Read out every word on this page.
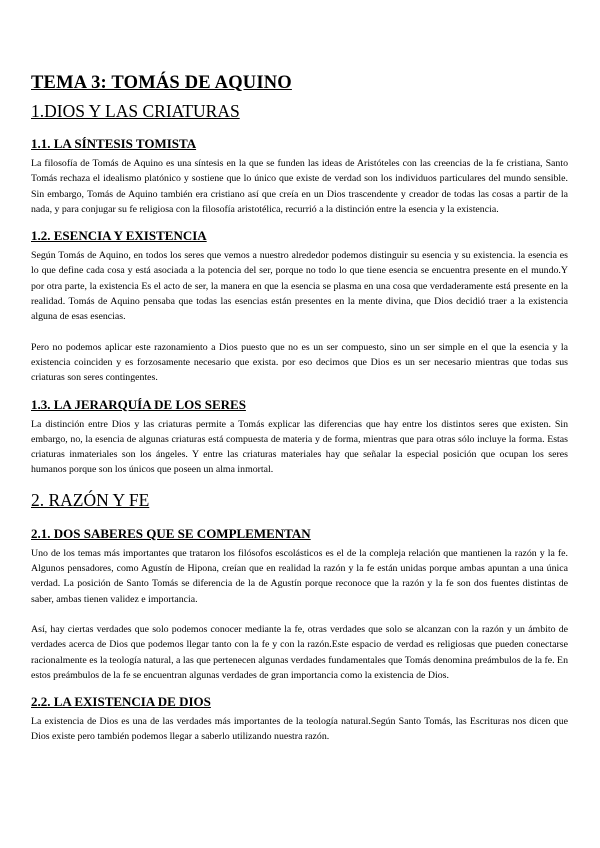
TEMA 3: TOMÁS DE AQUINO
1.DIOS Y LAS CRIATURAS
1.1. LA SÍNTESIS TOMISTA

La filosofía de Tomás de Aquino es una síntesis en la que se funden las ideas de Aristóteles con las creencias de la fe cristiana, Santo Tomás rechaza el idealismo platónico y sostiene que lo único que existe de verdad son los individuos particulares del mundo sensible. Sin embargo, Tomás de Aquino también era cristiano así que creía en un Dios trascendente y creador de todas las cosas a partir de la nada, y para conjugar su fe religiosa con la filosofía aristotélica, recurrió a la distinción entre la esencia y la existencia.

1.2. ESENCIA Y EXISTENCIA

Según Tomás de Aquino, en todos los seres que vemos a nuestro alrededor podemos distinguir su esencia y su existencia. la esencia es lo que define cada cosa y está asociada a la potencia del ser, porque no todo lo que tiene esencia se encuentra presente en el mundo.Y por otra parte, la existencia Es el acto de ser, la manera en que la esencia se plasma en una cosa que verdaderamente está presente en la realidad. Tomás de Aquino pensaba que todas las esencias están presentes en la mente divina, que Dios decidió traer a la existencia alguna de esas esencias.

Pero no podemos aplicar este razonamiento a Dios puesto que no es un ser compuesto, sino un ser simple en el que la esencia y la existencia coinciden y es forzosamente necesario que exista. por eso decimos que Dios es un ser necesario mientras que todas sus criaturas son seres contingentes.

1.3. LA JERARQUÍA DE LOS SERES

La distinción entre Dios y las criaturas permite a Tomás explicar las diferencias que hay entre los distintos seres que existen. Sin embargo, no, la esencia de algunas criaturas está compuesta de materia y de forma, mientras que para otras sólo incluye la forma. Estas criaturas inmateriales son los ángeles. Y entre las criaturas materiales hay que señalar la especial posición que ocupan los seres humanos porque son los únicos que poseen un alma inmortal.

2. RAZÓN Y FE
2.1. DOS SABERES QUE SE COMPLEMENTAN

Uno de los temas más importantes que trataron los filósofos escolásticos es el de la compleja relación que mantienen la razón y la fe. Algunos pensadores, como Agustín de Hipona, creían que en realidad la razón y la fe están unidas porque ambas apuntan a una única verdad. La posición de Santo Tomás se diferencia de la de Agustín porque reconoce que la razón y la fe son dos fuentes distintas de saber, ambas tienen validez e importancia.

Así, hay ciertas verdades que solo podemos conocer mediante la fe, otras verdades que solo se alcanzan con la razón y un ámbito de verdades acerca de Dios que podemos llegar tanto con la fe y con la razón.Este espacio de verdad es religiosas que pueden conectarse racionalmente es la teología natural, a las que pertenecen algunas verdades fundamentales que Tomás denomina preámbulos de la fe. En estos preámbulos de la fe se encuentran algunas verdades de gran importancia como la existencia de Dios.

2.2. LA EXISTENCIA DE DIOS

La existencia de Dios es una de las verdades más importantes de la teología natural.Según Santo Tomás, las Escrituras nos dicen que Dios existe pero también podemos llegar a saberlo utilizando nuestra razón.
